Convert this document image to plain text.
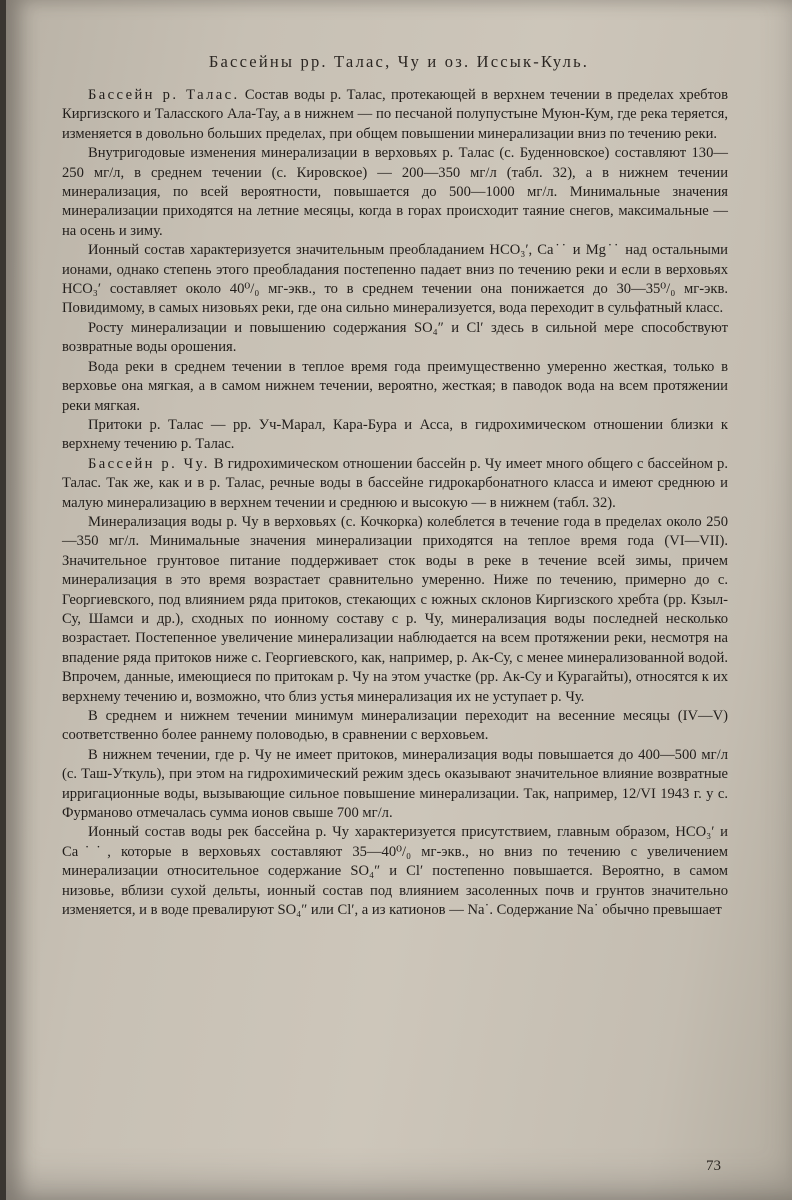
Бассейны рр. Талас, Чу и оз. Иссык-Куль.

Бассейн р. Талас. Состав воды р. Талас, протекающей в верхнем течении в пределах хребтов Киргизского и Таласского Ала-Тау, а в нижнем — по песчаной полупустыне Муюн-Кум, где река теряется, изменяется в довольно больших пределах, при общем повышении минерализации вниз по течению реки.

Внутригодовые изменения минерализации в верховьях р. Талас (с. Буденновское) составляют 130—250 мг/л, в среднем течении (с. Кировское) — 200—350 мг/л (табл. 32), а в нижнем течении минерализация, по всей вероятности, повышается до 500—1000 мг/л. Минимальные значения минерализации приходятся на летние месяцы, когда в горах происходит таяние снегов, максимальные — на осень и зиму.

Ионный состав характеризуется значительным преобладанием HCO₃′, Ca˙˙ и Mg˙˙ над остальными ионами, однако степень этого преобладания постепенно падает вниз по течению реки и если в верховьях HCO₃′ составляет около 40⁰/₀ мг-экв., то в среднем течении она понижается до 30—35⁰/₀ мг-экв. Повидимому, в самых низовьях реки, где она сильно минерализуется, вода переходит в сульфатный класс.

Росту минерализации и повышению содержания SO₄″ и Cl′ здесь в сильной мере способствуют возвратные воды орошения.

Вода реки в среднем течении в теплое время года преимущественно умеренно жесткая, только в верховье она мягкая, а в самом нижнем течении, вероятно, жесткая; в паводок вода на всем протяжении реки мягкая.

Притоки р. Талас — рр. Уч-Марал, Кара-Бура и Асса, в гидрохимическом отношении близки к верхнему течению р. Талас.

Бассейн р. Чу. В гидрохимическом отношении бассейн р. Чу имеет много общего с бассейном р. Талас. Так же, как и в р. Талас, речные воды в бассейне гидрокарбонатного класса и имеют среднюю и малую минерализацию в верхнем течении и среднюю и высокую — в нижнем (табл. 32).

Минерализация воды р. Чу в верховьях (с. Кочкорка) колеблется в течение года в пределах около 250—350 мг/л. Минимальные значения минерализации приходятся на теплое время года (VI—VII). Значительное грунтовое питание поддерживает сток воды в реке в течение всей зимы, причем минерализация в это время возрастает сравнительно умеренно. Ниже по течению, примерно до с. Георгиевского, под влиянием ряда притоков, стекающих с южных склонов Киргизского хребта (рр. Кзыл-Су, Шамси и др.), сходных по ионному составу с р. Чу, минерализация воды последней несколько возрастает. Постепенное увеличение минерализации наблюдается на всем протяжении реки, несмотря на впадение ряда притоков ниже с. Георгиевского, как, например, р. Ак-Су, с менее минерализованной водой. Впрочем, данные, имеющиеся по притокам р. Чу на этом участке (рр. Ак-Су и Курагайты), относятся к их верхнему течению и, возможно, что близ устья минерализация их не уступает р. Чу.

В среднем и нижнем течении минимум минерализации переходит на весенние месяцы (IV—V) соответственно более раннему половодью, в сравнении с верховьем.

В нижнем течении, где р. Чу не имеет притоков, минерализация воды повышается до 400—500 мг/л (с. Таш-Уткуль), при этом на гидрохимический режим здесь оказывают значительное влияние возвратные ирригационные воды, вызывающие сильное повышение минерализации. Так, например, 12/VI 1943 г. у с. Фурманово отмечалась сумма ионов свыше 700 мг/л.

Ионный состав воды рек бассейна р. Чу характеризуется присутствием, главным образом, HCO₃′ и Ca˙˙, которые в верховьях составляют 35—40⁰/₀ мг-экв., но вниз по течению с увеличением минерализации относительное содержание SO₄″ и Cl′ постепенно повышается. Вероятно, в самом низовье, вблизи сухой дельты, ионный состав под влиянием засоленных почв и грунтов значительно изменяется, и в воде превалируют SO₄″ или Cl′, а из катионов — Na˙. Содержание Na˙ обычно превышает

73
